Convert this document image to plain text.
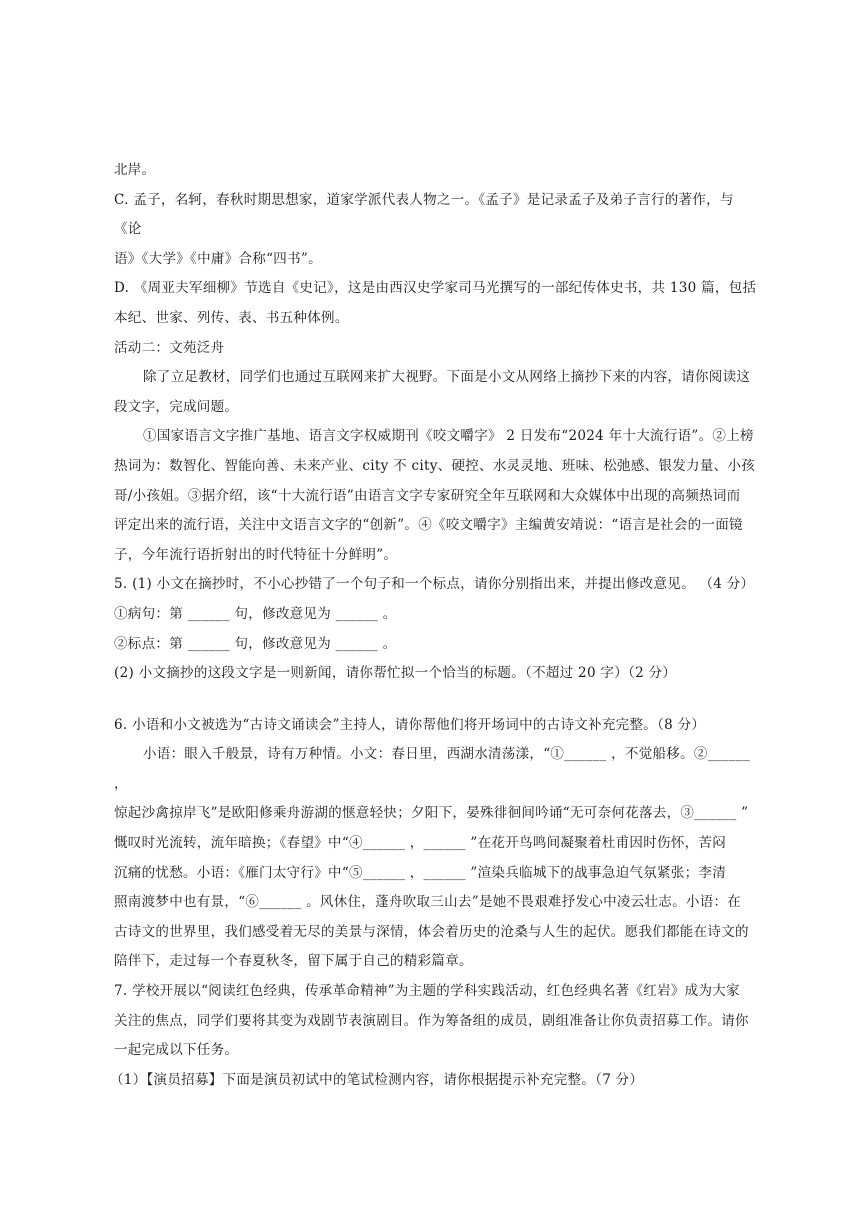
北岸。

C. 孟子，名轲，春秋时期思想家，道家学派代表人物之一。《孟子》是记录孟子及弟子言行的著作，与《论

语》《大学》《中庸》合称“四书”。

D. 《周亚夫军细柳》节选自《史记》，这是由西汉史学家司马光撰写的一部纪传体史书，共 130 篇，包括

本纪、世家、列传、表、书五种体例。

活动二：文苑泛舟

除了立足教材，同学们也通过互联网来扩大视野。下面是小文从网络上摘抄下来的内容，请你阅读这

段文字，完成问题。

①国家语言文字推广基地、语言文字权威期刊《咬文嚼字》 2 日发布“2024 年十大流行语”。②上榜

热词为：数智化、智能向善、未来产业、city 不 city、硬控、水灵灵地、班味、松弛感、银发力量、小孩

哥/小孩姐。③据介绍，该“十大流行语”由语言文字专家研究全年互联网和大众媒体中出现的高频热词而

评定出来的流行语，关注中文语言文字的“创新”。④《咬文嚼字》主编黄安靖说：“语言是社会的一面镜

子，今年流行语折射出的时代特征十分鲜明”。

5. (1) 小文在摘抄时，不小心抄错了一个句子和一个标点，请你分别指出来，并提出修改意见。 （4 分）

①病句：第 ______ 句，修改意见为 ______ 。

②标点：第 ______ 句，修改意见为 ______ 。

(2) 小文摘抄的这段文字是一则新闻，请你帮忙拟一个恰当的标题。（不超过 20 字）（2 分）

6. 小语和小文被选为“古诗文诵读会”主持人，请你帮他们将开场词中的古诗文补充完整。（8 分）

小语：眼入千般景，诗有万种情。小文：春日里，西湖水清荡漾，“①______ ，不觉船移。②______ ，

惊起沙禽掠岸飞”是欧阳修乘舟游湖的惬意轻快；夕阳下，晏殊徘徊间吟诵“无可奈何花落去，③______ ”

慨叹时光流转，流年暗换；《春望》中“④______ ，______ ”在花开鸟鸣间凝聚着杜甫因时伤怀，苦闷

沉痛的忧愁。小语：《雁门太守行》中“⑤______ ，______ ”渲染兵临城下的战事急迫气氛紧张；李清

照南渡梦中也有景，“⑥______ 。风休住，蓬舟吹取三山去”是她不畏艰难抒发心中凌云壮志。小语：在

古诗文的世界里，我们感受着无尽的美景与深情，体会着历史的沧桑与人生的起伏。愿我们都能在诗文的

陪伴下，走过每一个春夏秋冬，留下属于自己的精彩篇章。

7. 学校开展以“阅读红色经典，传承革命精神”为主题的学科实践活动，红色经典名著《红岩》成为大家

关注的焦点，同学们要将其变为戏剧节表演剧目。作为筹备组的成员，剧组准备让你负责招募工作。请你

一起完成以下任务。

（1）【演员招募】下面是演员初试中的笔试检测内容，请你根据提示补充完整。（7 分）
